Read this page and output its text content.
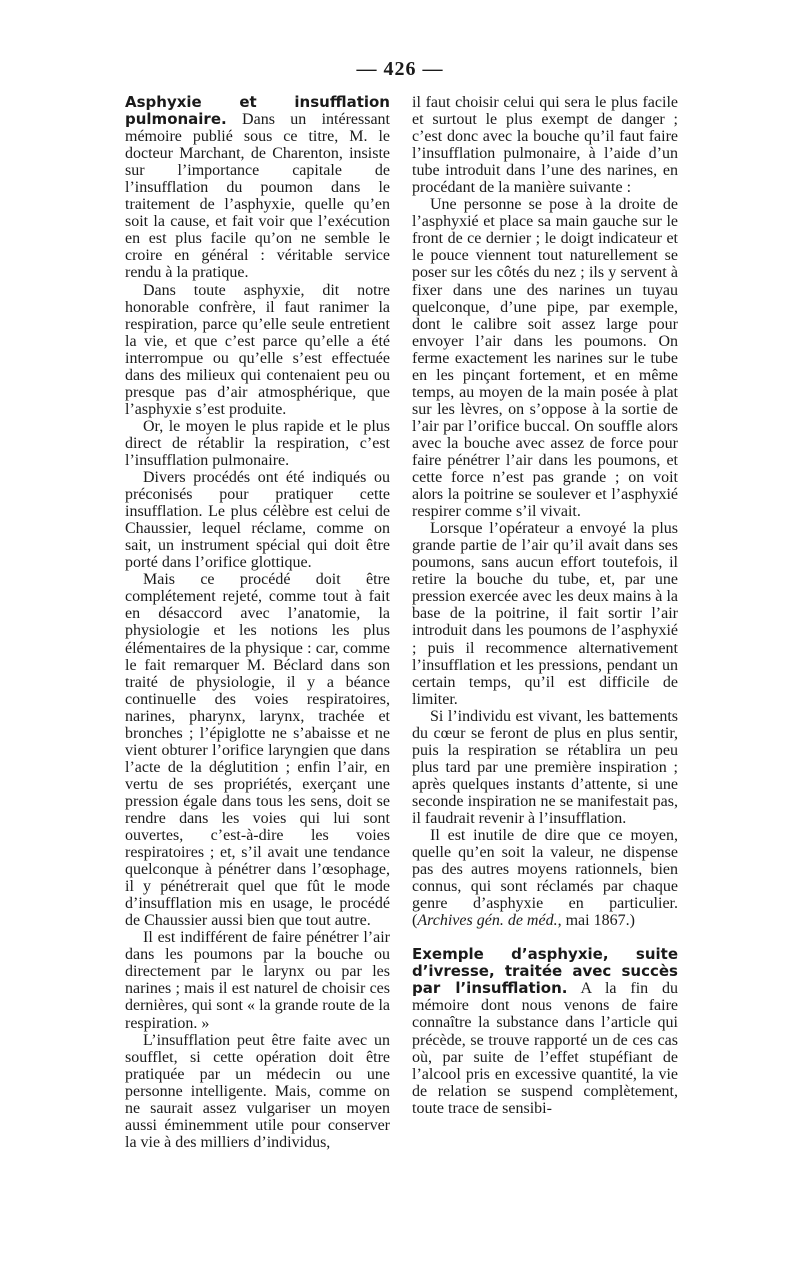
— 426 —

Asphyxie et insufflation pulmonaire. Dans un intéressant mémoire publié sous ce titre, M. le docteur Marchant, de Charenton, insiste sur l’importance capitale de l’insufflation du poumon dans le traitement de l’asphyxie, quelle qu’en soit la cause, et fait voir que l’exécution en est plus facile qu’on ne semble le croire en général : véritable service rendu à la pratique.

Dans toute asphyxie, dit notre honorable confrère, il faut ranimer la respiration, parce qu’elle seule entretient la vie, et que c’est parce qu’elle a été interrompue ou qu’elle s’est effectuée dans des milieux qui contenaient peu ou presque pas d’air atmosphérique, que l’asphyxie s’est produite.

Or, le moyen le plus rapide et le plus direct de rétablir la respiration, c’est l’insufflation pulmonaire.

Divers procédés ont été indiqués ou préconisés pour pratiquer cette insufflation. Le plus célèbre est celui de Chaussier, lequel réclame, comme on sait, un instrument spécial qui doit être porté dans l’orifice glottique.

Mais ce procédé doit être complétement rejeté, comme tout à fait en désaccord avec l’anatomie, la physiologie et les notions les plus élémentaires de la physique : car, comme le fait remarquer M. Béclard dans son traité de physiologie, il y a béance continuelle des voies respiratoires, narines, pharynx, larynx, trachée et bronches ; l’épiglotte ne s’abaisse et ne vient obturer l’orifice laryngien que dans l’acte de la déglutition ; enfin l’air, en vertu de ses propriétés, exerçant une pression égale dans tous les sens, doit se rendre dans les voies qui lui sont ouvertes, c’est-à-dire les voies respiratoires ; et, s’il avait une tendance quelconque à pénétrer dans l’œsophage, il y pénétrerait quel que fût le mode d’insufflation mis en usage, le procédé de Chaussier aussi bien que tout autre.

Il est indifférent de faire pénétrer l’air dans les poumons par la bouche ou directement par le larynx ou par les narines ; mais il est naturel de choisir ces dernières, qui sont « la grande route de la respiration. »

L’insufflation peut être faite avec un soufflet, si cette opération doit être pratiquée par un médecin ou une personne intelligente. Mais, comme on ne saurait assez vulgariser un moyen aussi éminemment utile pour conserver la vie à des milliers d’individus,

il faut choisir celui qui sera le plus facile et surtout le plus exempt de danger ; c’est donc avec la bouche qu’il faut faire l’insufflation pulmonaire, à l’aide d’un tube introduit dans l’une des narines, en procédant de la manière suivante :

Une personne se pose à la droite de l’asphyxié et place sa main gauche sur le front de ce dernier ; le doigt indicateur et le pouce viennent tout naturellement se poser sur les côtés du nez ; ils y servent à fixer dans une des narines un tuyau quelconque, d’une pipe, par exemple, dont le calibre soit assez large pour envoyer l’air dans les poumons. On ferme exactement les narines sur le tube en les pinçant fortement, et en même temps, au moyen de la main posée à plat sur les lèvres, on s’oppose à la sortie de l’air par l’orifice buccal. On souffle alors avec la bouche avec assez de force pour faire pénétrer l’air dans les poumons, et cette force n’est pas grande ; on voit alors la poitrine se soulever et l’asphyxié respirer comme s’il vivait.

Lorsque l’opérateur a envoyé la plus grande partie de l’air qu’il avait dans ses poumons, sans aucun effort toutefois, il retire la bouche du tube, et, par une pression exercée avec les deux mains à la base de la poitrine, il fait sortir l’air introduit dans les poumons de l’asphyxié ; puis il recommence alternativement l’insufflation et les pressions, pendant un certain temps, qu’il est difficile de limiter.

Si l’individu est vivant, les battements du cœur se feront de plus en plus sentir, puis la respiration se rétablira un peu plus tard par une première inspiration ; après quelques instants d’attente, si une seconde inspiration ne se manifestait pas, il faudrait revenir à l’insufflation.

Il est inutile de dire que ce moyen, quelle qu’en soit la valeur, ne dispense pas des autres moyens rationnels, bien connus, qui sont réclamés par chaque genre d’asphyxie en particulier. (Archives gén. de méd., mai 1867.)

Exemple d’asphyxie, suite d’ivresse, traitée avec succès par l’insufflation. A la fin du mémoire dont nous venons de faire connaître la substance dans l’article qui précède, se trouve rapporté un de ces cas où, par suite de l’effet stupéfiant de l’alcool pris en excessive quantité, la vie de relation se suspend complètement, toute trace de sensibi-
